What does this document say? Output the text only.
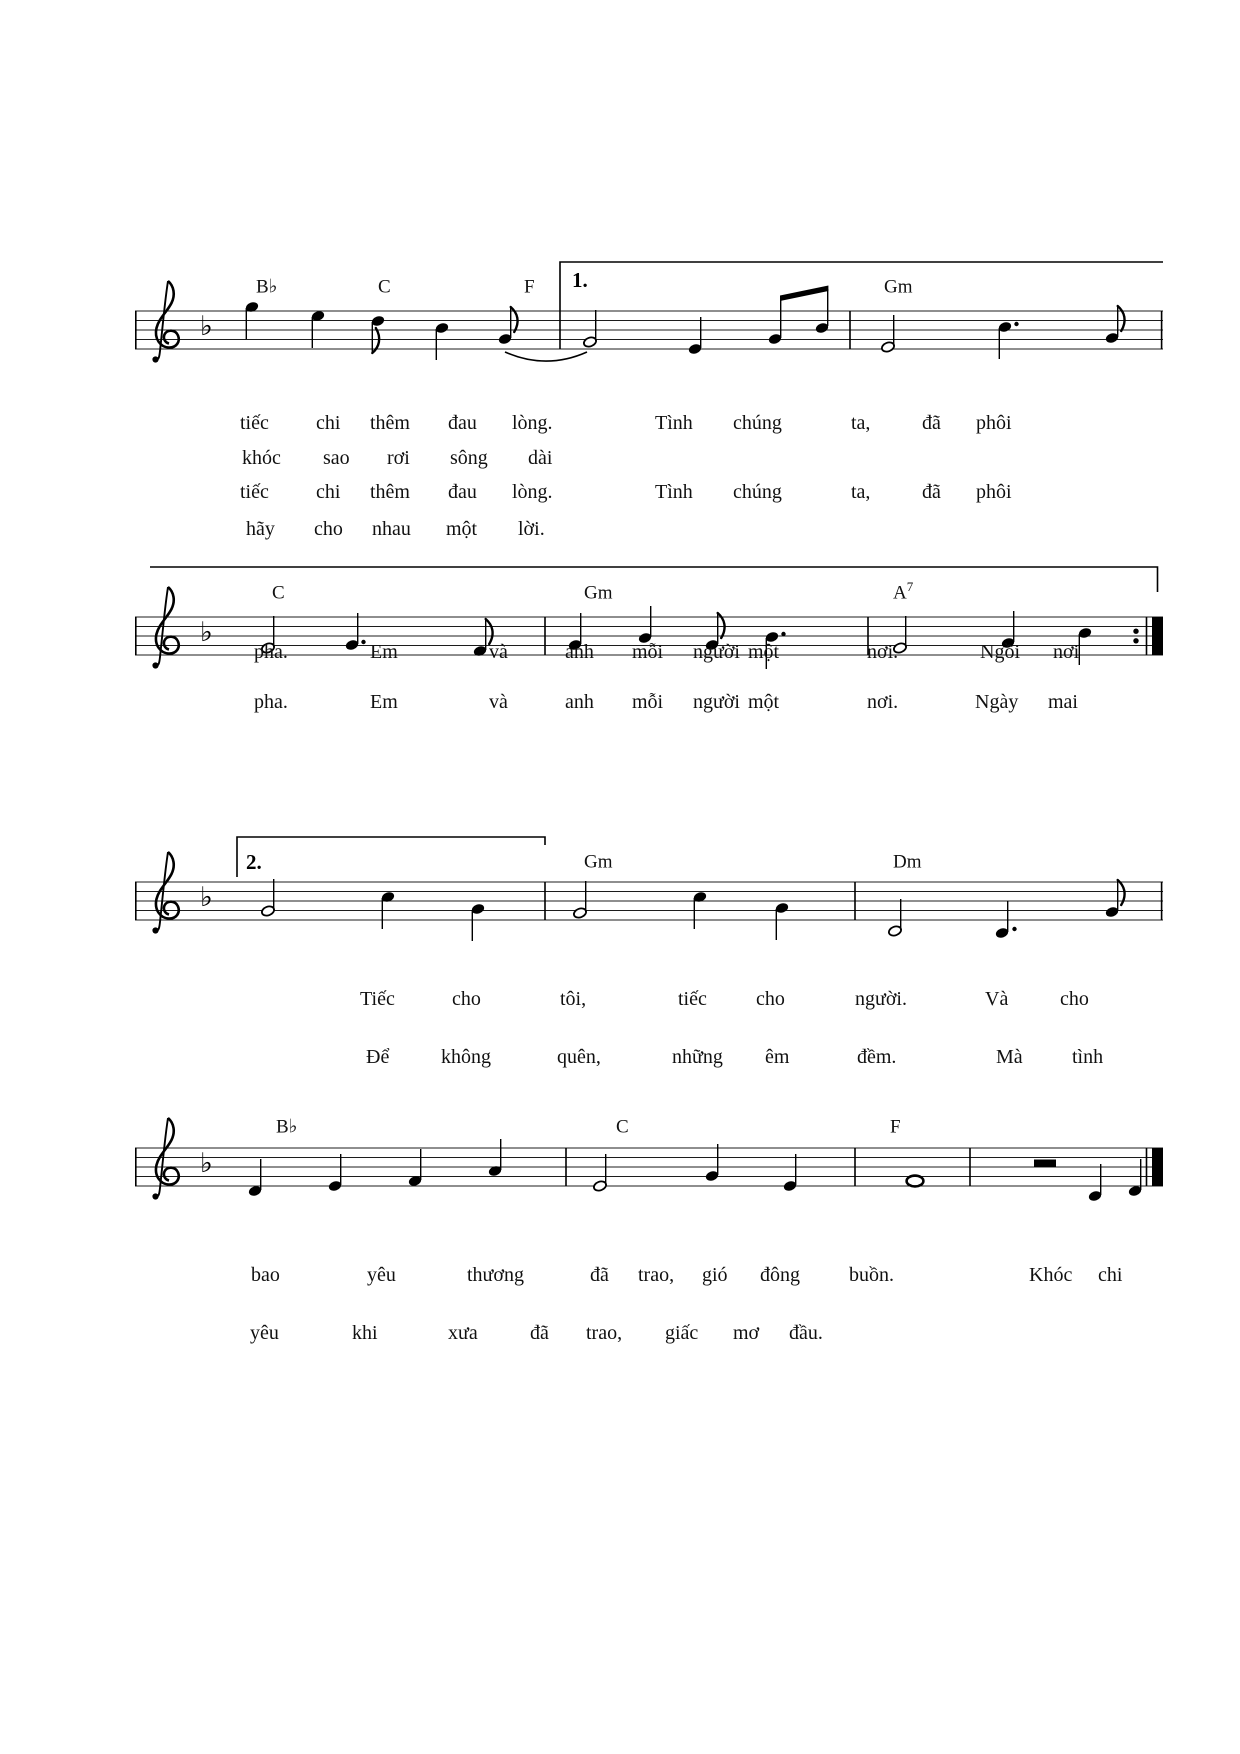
♭
♭
♭
♭
B♭	C	F	Gm
C	Gm	$A^7$
Gm	Dm
B♭	C	F
1.
2.
tiếc chi thêm đau lòng.	Tình chúng	ta,	đã phôi
khóc sao rơi sông dài
tiếc chi thêm đau lòng.	Tình chúng	ta,	đã phôi
hãy cho nhau một lời.
pha.	Em	và	anh mỗi người một	nơi.	Ngồi nơi
pha.	Em	và	anh mỗi người một	nơi.	Ngày mai
Tiếc	cho	tôi,	tiếc cho	người.	Và	cho
Để	không	quên,	những êm	đềm.	Mà tình
bao	yêu	thương	đã trao, gió đông buồn.	Khóc chi
yêu	khi	xưa	đã trao, giấc mơ đầu.
